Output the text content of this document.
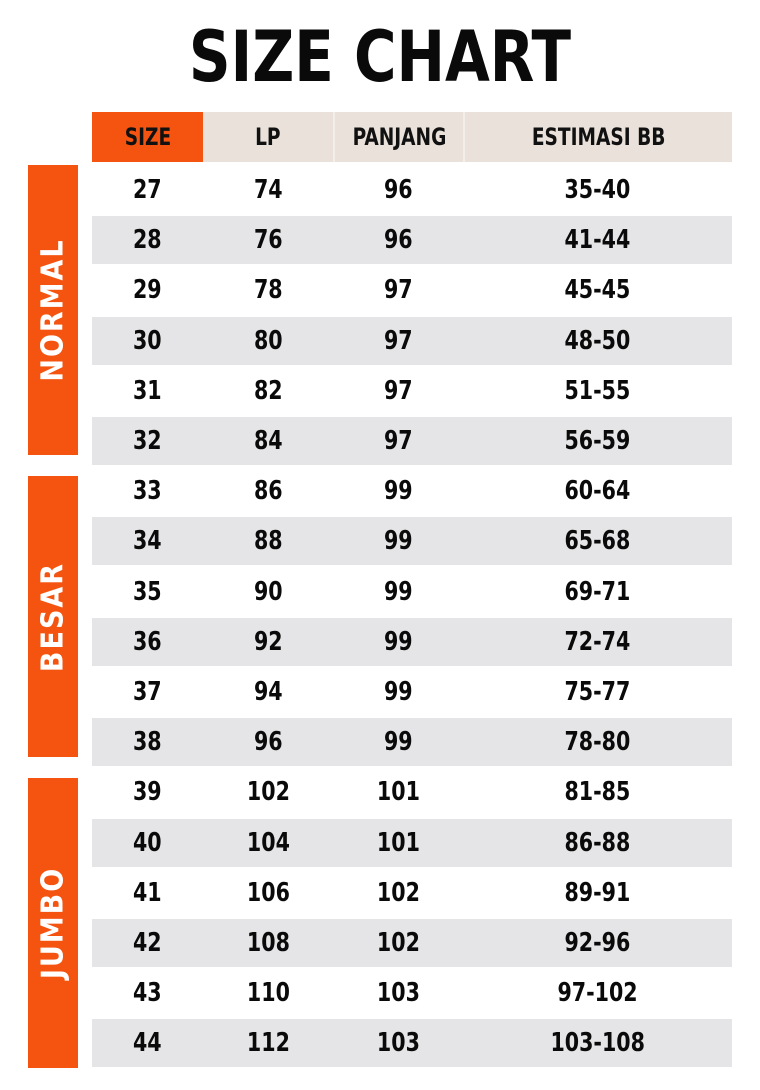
SIZE CHART
SIZE	LP	PANJANG	ESTIMASI BB
NORMAL
BESAR
JUMBO
27	74	96	35-40
28	76	96	41-44
29	78	97	45-45
30	80	97	48-50
31	82	97	51-55
32	84	97	56-59
33	86	99	60-64
34	88	99	65-68
35	90	99	69-71
36	92	99	72-74
37	94	99	75-77
38	96	99	78-80
39	102	101	81-85
40	104	101	86-88
41	106	102	89-91
42	108	102	92-96
43	110	103	97-102
44	112	103	103-108
